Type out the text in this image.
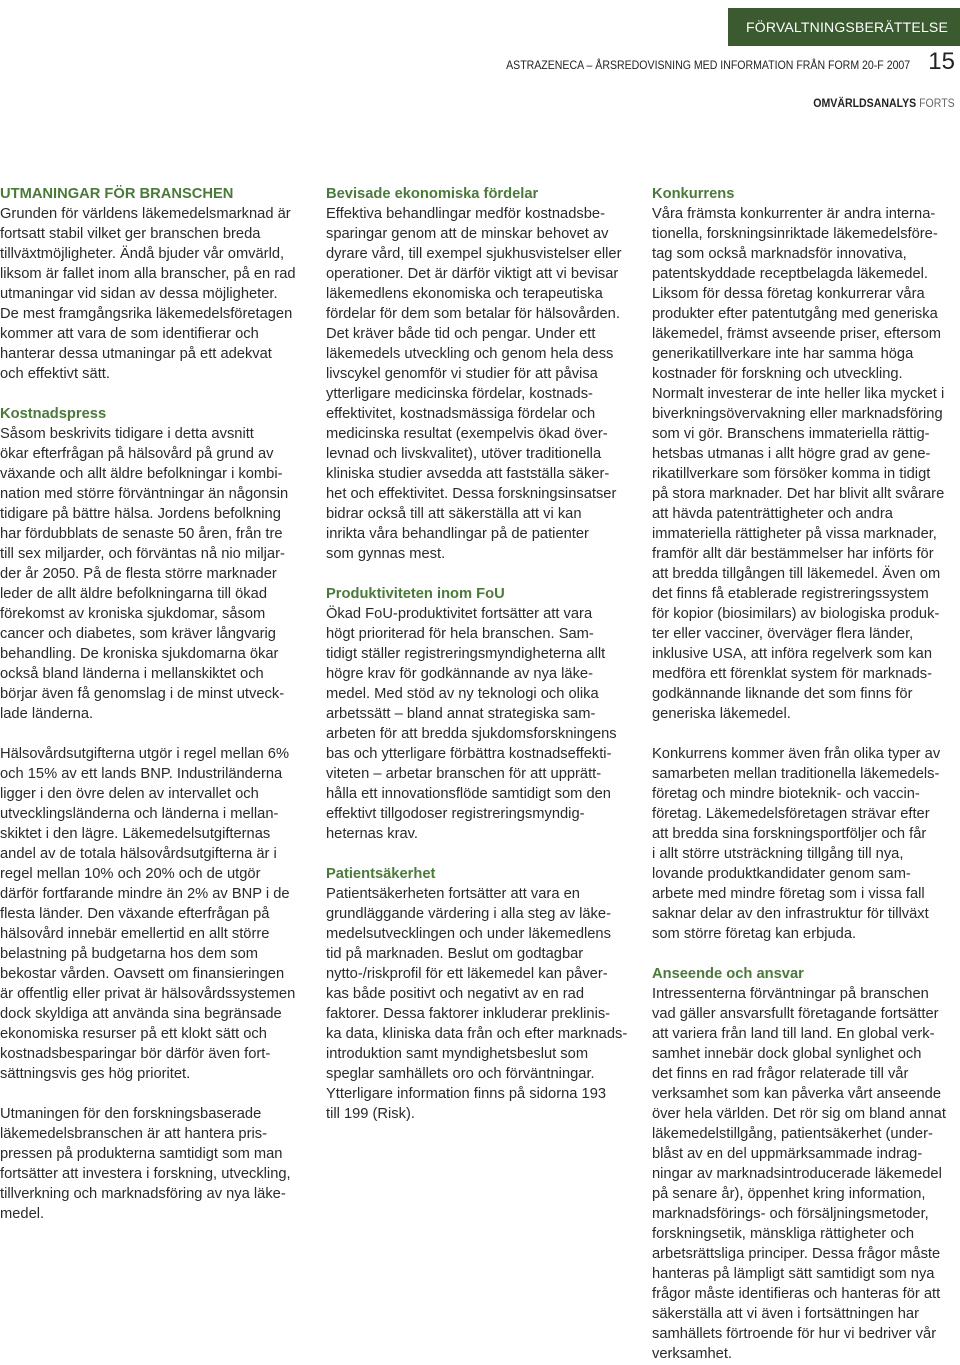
FÖRVALTNINGSBERÄTTELSE
ASTRAZENECA – ÅRSREDOVISNING MED INFORMATION FRÅN FORM 20-F 2007 15
OMVÄRLDSANALYS FORTS
UTMANINGAR FÖR BRANSCHEN

Grunden för världens läkemedelsmarknad är
fortsatt stabil vilket ger branschen breda
tillväxtmöjligheter. Ändå bjuder vår omvärld,
liksom är fallet inom alla branscher, på en rad
utmaningar vid sidan av dessa möjligheter.
De mest framgångsrika läkemedelsföretagen
kommer att vara de som identifierar och
hanterar dessa utmaningar på ett adekvat
och effektivt sätt.

Kostnadspress

Såsom beskrivits tidigare i detta avsnitt
ökar efterfrågan på hälsovård på grund av
växande och allt äldre befolkningar i kombi-
nation med större förväntningar än någonsin
tidigare på bättre hälsa. Jordens befolkning
har fördubblats de senaste 50 åren, från tre
till sex miljarder, och förväntas nå nio miljar-
der år 2050. På de flesta större marknader
leder de allt äldre befolkningarna till ökad
förekomst av kroniska sjukdomar, såsom
cancer och diabetes, som kräver långvarig
behandling. De kroniska sjukdomarna ökar
också bland länderna i mellanskiktet och
börjar även få genomslag i de minst utveck-
lade länderna.

Hälsovårdsutgifterna utgör i regel mellan 6%
och 15% av ett lands BNP. Industriländerna
ligger i den övre delen av intervallet och
utvecklingsländerna och länderna i mellan-
skiktet i den lägre. Läkemedelsutgifternas
andel av de totala hälsovårdsutgifterna är i
regel mellan 10% och 20% och de utgör
därför fortfarande mindre än 2% av BNP i de
flesta länder. Den växande efterfrågan på
hälsovård innebär emellertid en allt större
belastning på budgetarna hos dem som
bekostar vården. Oavsett om finansieringen
är offentlig eller privat är hälsovårdssystemen
dock skyldiga att använda sina begränsade
ekonomiska resurser på ett klokt sätt och
kostnadsbesparingar bör därför även fort-
sättningsvis ges hög prioritet.

Utmaningen för den forskningsbaserade
läkemedelsbranschen är att hantera pris-
pressen på produkterna samtidigt som man
fortsätter att investera i forskning, utveckling,
tillverkning och marknadsföring av nya läke-
medel.

Bevisade ekonomiska fördelar

Effektiva behandlingar medför kostnadsbe-
sparingar genom att de minskar behovet av
dyrare vård, till exempel sjukhusvistelser eller
operationer. Det är därför viktigt att vi bevisar
läkemedlens ekonomiska och terapeutiska
fördelar för dem som betalar för hälsovården.
Det kräver både tid och pengar. Under ett
läkemedels utveckling och genom hela dess
livscykel genomför vi studier för att påvisa
ytterligare medicinska fördelar, kostnads-
effektivitet, kostnadsmässiga fördelar och
medicinska resultat (exempelvis ökad över-
levnad och livskvalitet), utöver traditionella
kliniska studier avsedda att fastställa säker-
het och effektivitet. Dessa forskningsinsatser
bidrar också till att säkerställa att vi kan
inrikta våra behandlingar på de patienter
som gynnas mest.

Produktiviteten inom FoU

Ökad FoU-produktivitet fortsätter att vara
högt prioriterad för hela branschen. Sam-
tidigt ställer registreringsmyndigheterna allt
högre krav för godkännande av nya läke-
medel. Med stöd av ny teknologi och olika
arbetssätt – bland annat strategiska sam-
arbeten för att bredda sjukdomsforskningens
bas och ytterligare förbättra kostnadseffekti-
viteten – arbetar branschen för att upprätt-
hålla ett innovationsflöde samtidigt som den
effektivt tillgodoser registreringsmyndig-
heternas krav.

Patientsäkerhet

Patientsäkerheten fortsätter att vara en
grundläggande värdering i alla steg av läke-
medelsutvecklingen och under läkemedlens
tid på marknaden. Beslut om godtagbar
nytto-/riskprofil för ett läkemedel kan påver-
kas både positivt och negativt av en rad
faktorer. Dessa faktorer inkluderar preklinis-
ka data, kliniska data från och efter marknads-
introduktion samt myndighetsbeslut som
speglar samhällets oro och förväntningar.
Ytterligare information finns på sidorna 193
till 199 (Risk).

Konkurrens

Våra främsta konkurrenter är andra interna-
tionella, forskningsinriktade läkemedelsföre-
tag som också marknadsför innovativa,
patentskyddade receptbelagda läkemedel.
Liksom för dessa företag konkurrerar våra
produkter efter patentutgång med generiska
läkemedel, främst avseende priser, eftersom
generikatillverkare inte har samma höga
kostnader för forskning och utveckling.
Normalt investerar de inte heller lika mycket i
biverkningsövervakning eller marknadsföring
som vi gör. Branschens immateriella rättig-
hetsbas utmanas i allt högre grad av gene-
rikatillverkare som försöker komma in tidigt
på stora marknader. Det har blivit allt svårare
att hävda patenträttigheter och andra
immateriella rättigheter på vissa marknader,
framför allt där bestämmelser har införts för
att bredda tillgången till läkemedel. Även om
det finns få etablerade registreringssystem
för kopior (biosimilars) av biologiska produk-
ter eller vacciner, överväger flera länder,
inklusive USA, att införa regelverk som kan
medföra ett förenklat system för marknads-
godkännande liknande det som finns för
generiska läkemedel.

Konkurrens kommer även från olika typer av
samarbeten mellan traditionella läkemedels-
företag och mindre bioteknik- och vaccin-
företag. Läkemedelsföretagen strävar efter
att bredda sina forskningsportföljer och får
i allt större utsträckning tillgång till nya,
lovande produktkandidater genom sam-
arbete med mindre företag som i vissa fall
saknar delar av den infrastruktur för tillväxt
som större företag kan erbjuda.

Anseende och ansvar

Intressenterna förväntningar på branschen
vad gäller ansvarsfullt företagande fortsätter
att variera från land till land. En global verk-
samhet innebär dock global synlighet och
det finns en rad frågor relaterade till vår
verksamhet som kan påverka vårt anseende
över hela världen. Det rör sig om bland annat
läkemedelstillgång, patientsäkerhet (under-
blåst av en del uppmärksammade indrag-
ningar av marknadsintroducerade läkemedel
på senare år), öppenhet kring information,
marknadsförings- och försäljningsmetoder,
forskningsetik, mänskliga rättigheter och
arbetsrättsliga principer. Dessa frågor måste
hanteras på lämpligt sätt samtidigt som nya
frågor måste identifieras och hanteras för att
säkerställa att vi även i fortsättningen har
samhällets förtroende för hur vi bedriver vår
verksamhet.
